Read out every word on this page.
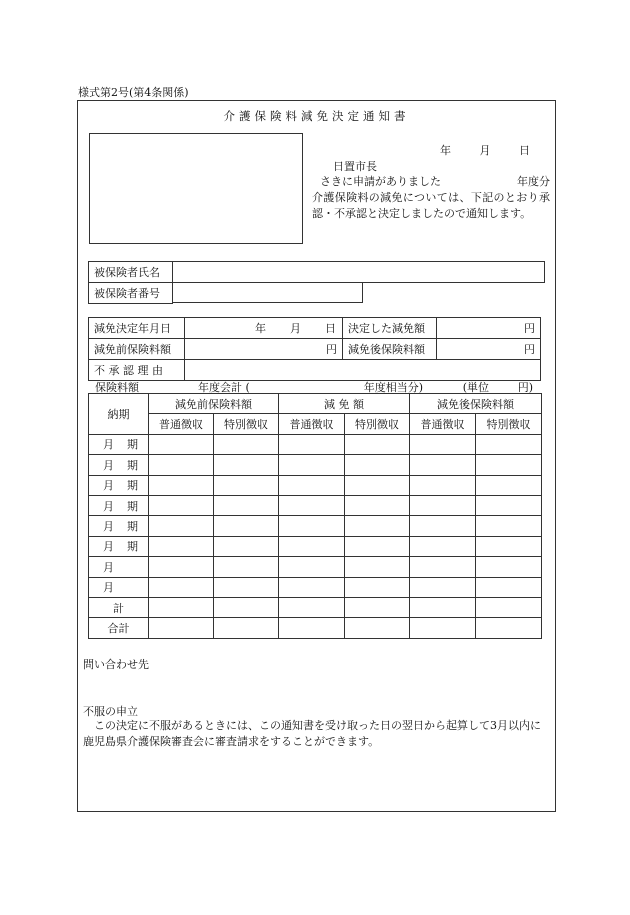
様式第2号(第4条関係)
介護保険料減免決定通知書
年	月	日
日置市長
さきに申請がありました	年度分
介護保険料の減免については、下記のとおり承認・不承認と決定しましたので通知します。
被保険者氏名	
被保険者番号	
減免決定年月日	年 月 日	決定した減免額	円
減免前保険料額	円	減免後保険料額	円
不 承 認 理 由			
保険料額	年度会計 (	年度相当分)	(単位	円)
納期	減免前保険料額		減 免 額		減免後保険料額	
	普通徴収	特別徴収	普通徴収	特別徴収	普通徴収	特別徴収

月 期						

月 期						

月 期						

月 期						

月 期						

月 期						

月						

月						

計						
合計						
問い合わせ先
不服の申立
この決定に不服があるときには、この通知書を受け取った日の翌日から起算して3月以内に鹿児島県介護保険審査会に審査請求をすることができます。
